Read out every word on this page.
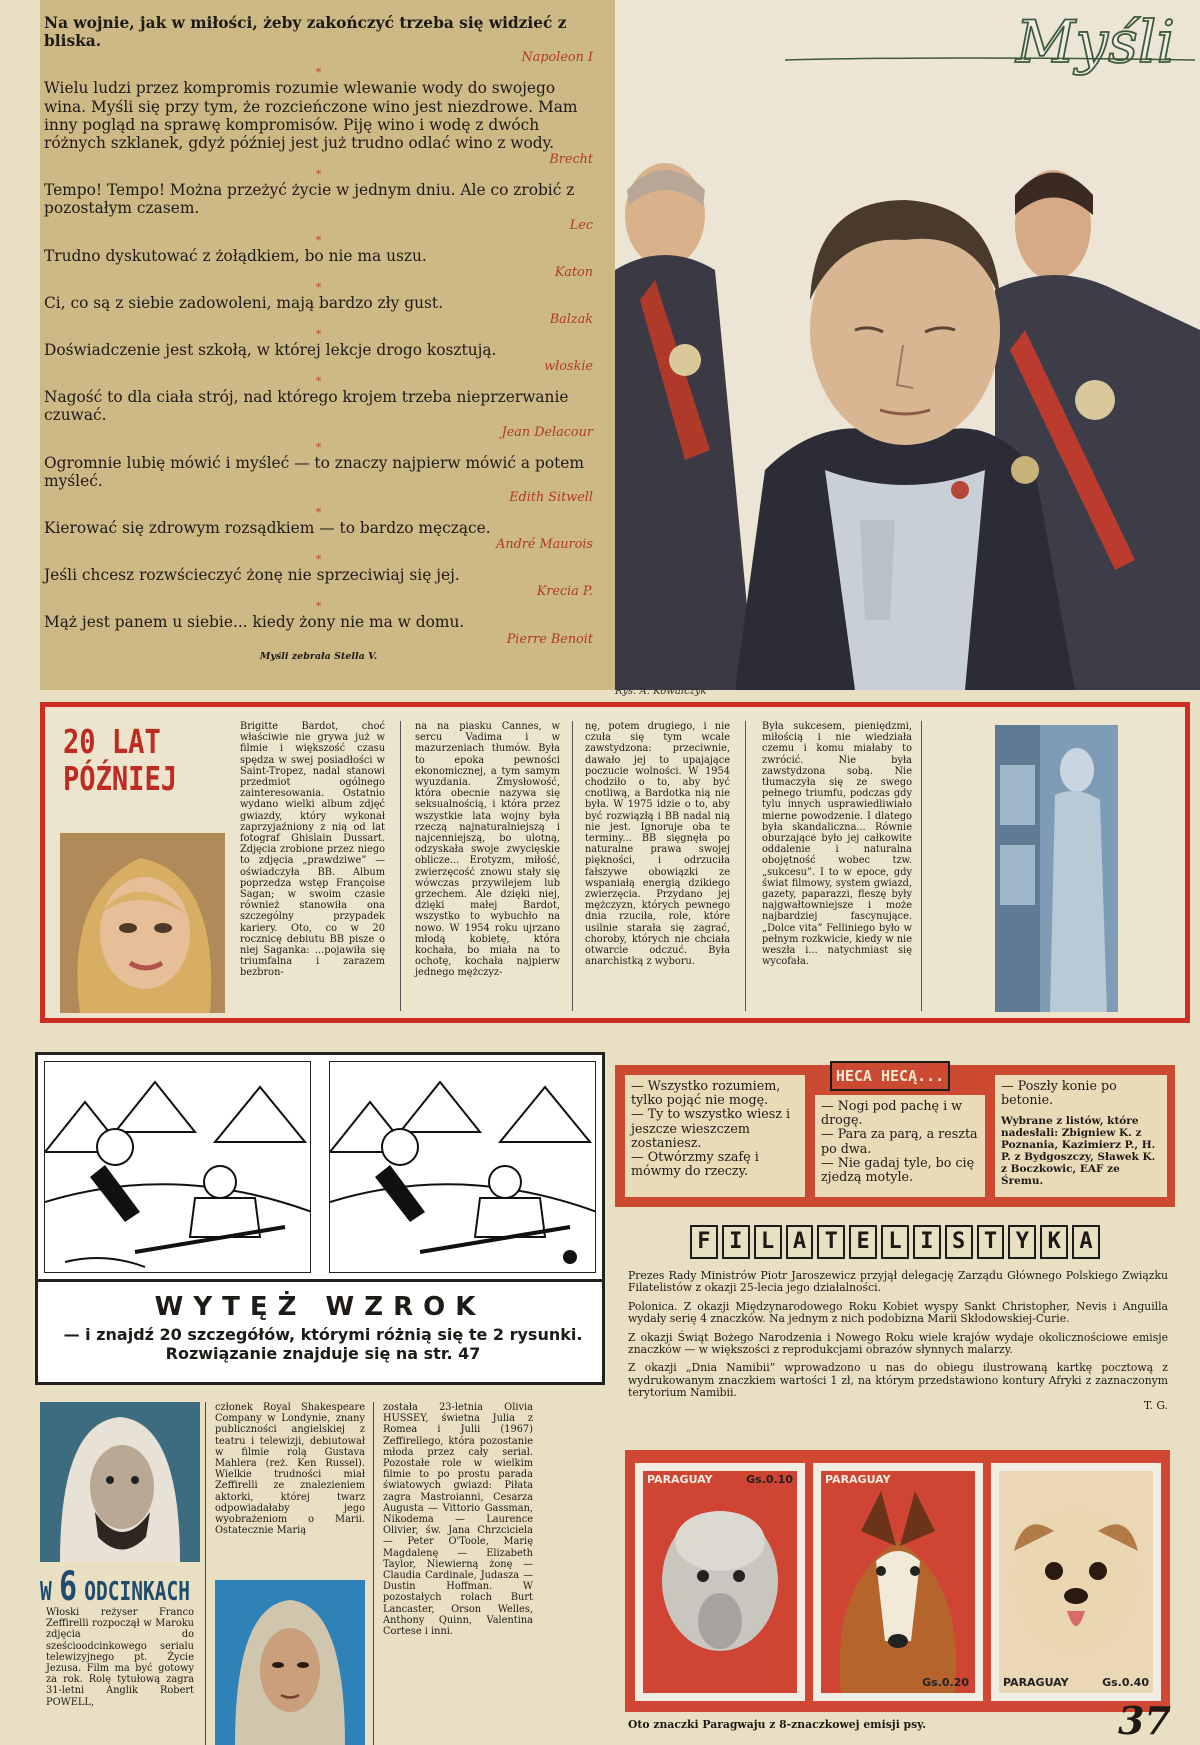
Na wojnie, jak w miłości, żeby zakończyć trzeba się widzieć z bliska.

Napoleon I

*

Wielu ludzi przez kompromis rozumie wlewanie wody do swojego wina. Myśli się przy tym, że rozcieńczone wino jest niezdrowe. Mam inny pogląd na sprawę kompromisów. Piję wino i wodę z dwóch różnych szklanek, gdyż później jest już trudno odlać wino z wody.

Brecht

*

Tempo! Tempo! Można przeżyć życie w jednym dniu. Ale co zrobić z pozostałym czasem.

Lec

*

Trudno dyskutować z żołądkiem, bo nie ma uszu.

Katon

*

Ci, co są z siebie zadowoleni, mają bardzo zły gust.

Balzak

*

Doświadczenie jest szkołą, w której lekcje drogo kosztują.

włoskie

*

Nagość to dla ciała strój, nad którego krojem trzeba nieprzerwanie czuwać.

Jean Delacour

*

Ogromnie lubię mówić i myśleć — to znaczy najpierw mówić a potem myśleć.

Edith Sitwell

*

Kierować się zdrowym rozsądkiem — to bardzo męczące.

André Maurois

*

Jeśli chcesz rozwścieczyć żonę nie sprzeciwiaj się jej.

Krecia P.

*

Mąż jest panem u siebie... kiedy żony nie ma w domu.

Pierre Benoit

Myśli zebrała Stella V.
Myśli
Rys. A. Kowalczyk
20 LAT
PÓŹNIEJ
Brigitte Bardot, choć właściwie nie grywa już w filmie i większość czasu spędza w swej posiadłości w Saint-Tropez, nadal stanowi przedmiot ogólnego zainteresowania. Ostatnio wydano wielki album zdjęć gwiazdy, który wykonał zaprzyjaźniony z nią od lat fotograf Ghislain Dussart. Zdjęcia zrobione przez niego to zdjęcia „prawdziwe” — oświadczyła BB. Album poprzedza wstęp Françoise Sagan; w swoim czasie również stanowiła ona szczególny przypadek kariery. Oto, co w 20 rocznicę debiutu BB pisze o niej Saganka: ...pojawiła się triumfalna i zarazem bezbron-
na na piasku Cannes, w sercu Vadima i w mazurzeniach tłumów. Była to epoka pewności ekonomicznej, a tym samym wyuzdania. Zmysłowość, która obecnie nazywa się seksualnością, i która przez wszystkie lata wojny była rzeczą najnaturalniejszą i najcenniejszą, bo ulotną, odzyskała swoje zwycięskie oblicze... Erotyzm, miłość, zwierzęcość znowu stały się wówczas przywilejem lub grzechem. Ale dzięki niej, dzięki małej Bardot, wszystko to wybuchło na nowo. W 1954 roku ujrzano młodą kobietę, która kochała, bo miała na to ochotę, kochała najpierw jednego mężczyz-
nę, potem drugiego, i nie czuła się tym wcale zawstydzona: przeciwnie, dawało jej to upajające poczucie wolności. W 1954 chodziło o to, aby być cnotliwą, a Bardotka nią nie była. W 1975 idzie o to, aby być rozwiązłą i BB nadal nią nie jest. Ignoruje oba te terminy... BB sięgnęła po naturalne prawa swojej piękności, i odrzuciła fałszywe obowiązki ze wspaniałą energią dzikiego zwierzęcia. Przydano jej mężczyzn, których pewnego dnia rzuciła, role, które usilnie starała się zagrać, choroby, których nie chciała otwarcie odczuć. Była anarchistką z wyboru.
Była sukcesem, pieniędzmi, miłością i nie wiedziała czemu i komu miałaby to zwrócić. Nie była zawstydzona sobą. Nie tłumaczyła się ze swego pełnego triumfu, podczas gdy tylu innych usprawiedliwiało mierne powodzenie. I dlatego była skandaliczna... Równie oburzające było jej całkowite oddalenie i naturalna obojętność wobec tzw. „sukcesu”. I to w epoce, gdy świat filmowy, system gwiazd, gazety, paparazzi, fleszę były najgwałtowniejsze i może najbardziej fascynujące. „Dolce vita” Felliniego było w pełnym rozkwicie, kiedy w nie weszła i... natychmiast się wycofała.
WYTĘŻ WZROK
— i znajdź 20 szczegółów, którymi różnią się te 2 rysunki. Rozwiązanie znajduje się na str. 47
— Wszystko rozumiem, tylko pojąć nie mogę.
— Ty to wszystko wiesz i jeszcze wieszczem zostaniesz.
— Otwórzmy szafę i mówmy do rzeczy.
— Nogi pod pachę i w drogę.
— Para za parą, a reszta po dwa.
— Nie gadaj tyle, bo cię zjedzą motyle.
— Poszły konie po betonie.
Wybrane z listów, które nadesłali: Zbigniew K. z Poznania, Kazimierz P., H. P. z Bydgoszczy, Sławek K. z Boczkowic, EAF ze Śremu.
HECA HECĄ...
F I L A T E L I S T Y K A

Prezes Rady Ministrów Piotr Jaroszewicz przyjął delegację Zarządu Głównego Polskiego Związku Filatelistów z okazji 25-lecia jego działalności.

Polonica. Z okazji Międzynarodowego Roku Kobiet wyspy Sankt Christopher, Nevis i Anguilla wydały serię 4 znaczków. Na jednym z nich podobizna Marii Skłodowskiej-Curie.

Z okazji Świąt Bożego Narodzenia i Nowego Roku wiele krajów wydaje okolicznościowe emisje znaczków — w większości z reprodukcjami obrazów słynnych malarzy.

Z okazji „Dnia Namibii” wprowadzono u nas do obiegu ilustrowaną kartkę pocztową z wydrukowanym znaczkiem wartości 1 zł, na którym przedstawiono kontury Afryki z zaznaczonym terytorium Namibii.

T. G.
PARAGUAY	Gs.0.10	PARAGUAY
Gs.0.20	PARAGUAY	Gs.0.40
Oto znaczki Paragwaju z 8-znaczkowej emisji psy.	37
W 6 ODCINKACH
Włoski reżyser Franco Zeffirelli rozpoczął w Maroku zdjęcia do sześcioodcinkowego serialu telewizyjnego pt. Życie Jezusa. Film ma być gotowy za rok. Rolę tytułową zagra 31-letni Anglik Robert POWELL,
członek Royal Shakespeare Company w Londynie, znany publiczności angielskiej z teatru i telewizji, debiutował w filmie rolą Gustava Mahlera (reż. Ken Russel). Wielkie trudności miał Zeffirelli ze znalezieniem aktorki, której twarz odpowiadałaby jego wyobrażeniom o Marii. Ostatecznie Marią
została 23-letnia Olivia HUSSEY, świetna Julia z Romea i Julii (1967) Zeffirellego, która pozostanie młoda przez cały serial. Pozostałe role w wielkim filmie to po prostu parada światowych gwiazd: Piłata zagra Mastroianni, Cesarza Augusta — Vittorio Gassman, Nikodema — Laurence Olivier, św. Jana Chrzciciela — Peter O'Toole, Marię Magdalenę — Elizabeth Taylor, Niewierną żonę — Claudia Cardinale, Judasza — Dustin Hoffman. W pozostałych rolach Burt Lancaster, Orson Welles, Anthony Quinn, Valentina Cortese i inni.
